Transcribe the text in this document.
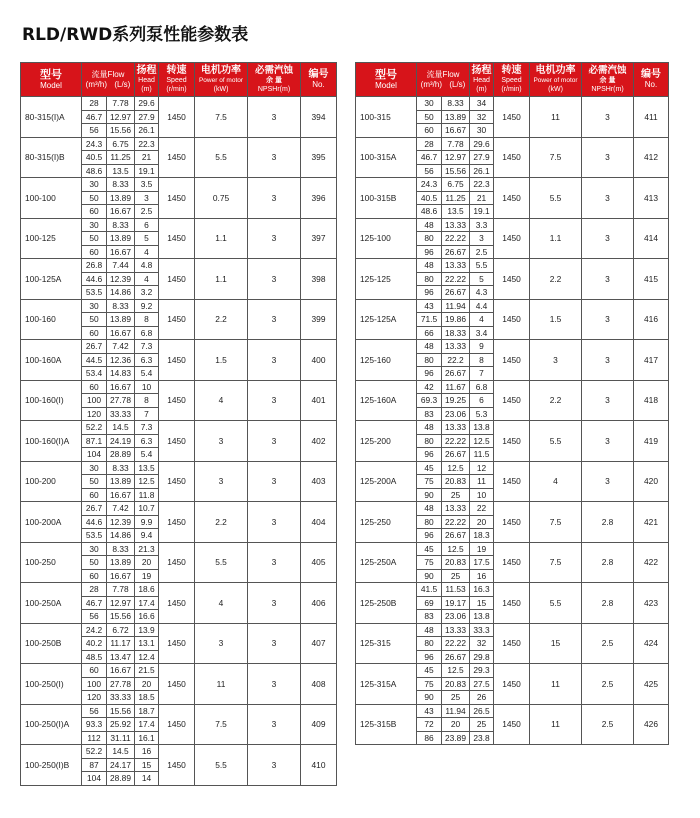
RLD/RWD系列泵性能参数表
型号
Model	流量Flow
(m³/h) (L/s)		扬程
Head
(m)	转速
Speed
(r/min)	电机功率
Power of motor
(kW)	必需汽蚀
余 量
NPSHr(m)	编号
No.

80-315(I)A	28	7.78	29.6	1450	7.5	3	394
	46.7	12.97	27.9				
	56	15.56	26.1				
80-315(I)B	24.3	6.75	22.3	1450	5.5	3	395
	40.5	11.25	21				
	48.6	13.5	19.1				
100-100	30	8.33	3.5	1450	0.75	3	396
	50	13.89	3				
	60	16.67	2.5				
100-125	30	8.33	6	1450	1.1	3	397
	50	13.89	5				
	60	16.67	4				
100-125A	26.8	7.44	4.8	1450	1.1	3	398
	44.6	12.39	4				
	53.5	14.86	3.2				
100-160	30	8.33	9.2	1450	2.2	3	399
	50	13.89	8				
	60	16.67	6.8				
100-160A	26.7	7.42	7.3	1450	1.5	3	400
	44.5	12.36	6.3				
	53.4	14.83	5.4				
100-160(I)	60	16.67	10	1450	4	3	401
	100	27.78	8				
	120	33.33	7				
100-160(I)A	52.2	14.5	7.3	1450	3	3	402
	87.1	24.19	6.3				
	104	28.89	5.4				
100-200	30	8.33	13.5	1450	3	3	403
	50	13.89	12.5				
	60	16.67	11.8				
100-200A	26.7	7.42	10.7	1450	2.2	3	404
	44.6	12.39	9.9				
	53.5	14.86	9.4				
100-250	30	8.33	21.3	1450	5.5	3	405
	50	13.89	20				
	60	16.67	19				
100-250A	28	7.78	18.6	1450	4	3	406
	46.7	12.97	17.4				
	56	15.56	16.6				
100-250B	24.2	6.72	13.9	1450	3	3	407
	40.2	11.17	13.1				
	48.5	13.47	12.4				
100-250(I)	60	16.67	21.5	1450	11	3	408
	100	27.78	20				
	120	33.33	18.5				
100-250(I)A	56	15.56	18.7	1450	7.5	3	409
	93.3	25.92	17.4				
	112	31.11	16.1				
100-250(I)B	52.2	14.5	16	1450	5.5	3	410
	87	24.17	15				
	104	28.89	14				
型号
Model	流量Flow
(m³/h) (L/s)		扬程
Head
(m)	转速
Speed
(r/min)	电机功率
Power of motor
(kW)	必需汽蚀
余 量
NPSHr(m)	编号
No.

100-315	30	8.33	34	1450	11	3	411
	50	13.89	32				
	60	16.67	30				
100-315A	28	7.78	29.6	1450	7.5	3	412
	46.7	12.97	27.9				
	56	15.56	26.1				
100-315B	24.3	6.75	22.3	1450	5.5	3	413
	40.5	11.25	21				
	48.6	13.5	19.1				
125-100	48	13.33	3.3	1450	1.1	3	414
	80	22.22	3				
	96	26.67	2.5				
125-125	48	13.33	5.5	1450	2.2	3	415
	80	22.22	5				
	96	26.67	4.3				
125-125A	43	11.94	4.4	1450	1.5	3	416
	71.5	19.86	4				
	66	18.33	3.4				
125-160	48	13.33	9	1450	3	3	417
	80	22.2	8				
	96	26.67	7				
125-160A	42	11.67	6.8	1450	2.2	3	418
	69.3	19.25	6				
	83	23.06	5.3				
125-200	48	13.33	13.8	1450	5.5	3	419
	80	22.22	12.5				
	96	26.67	11.5				
125-200A	45	12.5	12	1450	4	3	420
	75	20.83	11				
	90	25	10				
125-250	48	13.33	22	1450	7.5	2.8	421
	80	22.22	20				
	96	26.67	18.3				
125-250A	45	12.5	19	1450	7.5	2.8	422
	75	20.83	17.5				
	90	25	16				
125-250B	41.5	11.53	16.3	1450	5.5	2.8	423
	69	19.17	15				
	83	23.06	13.8				
125-315	48	13.33	33.3	1450	15	2.5	424
	80	22.22	32				
	96	26.67	29.8				
125-315A	45	12.5	29.3	1450	11	2.5	425
	75	20.83	27.5				
	90	25	26				
125-315B	43	11.94	26.5	1450	11	2.5	426
	72	20	25				
	86	23.89	23.8				
